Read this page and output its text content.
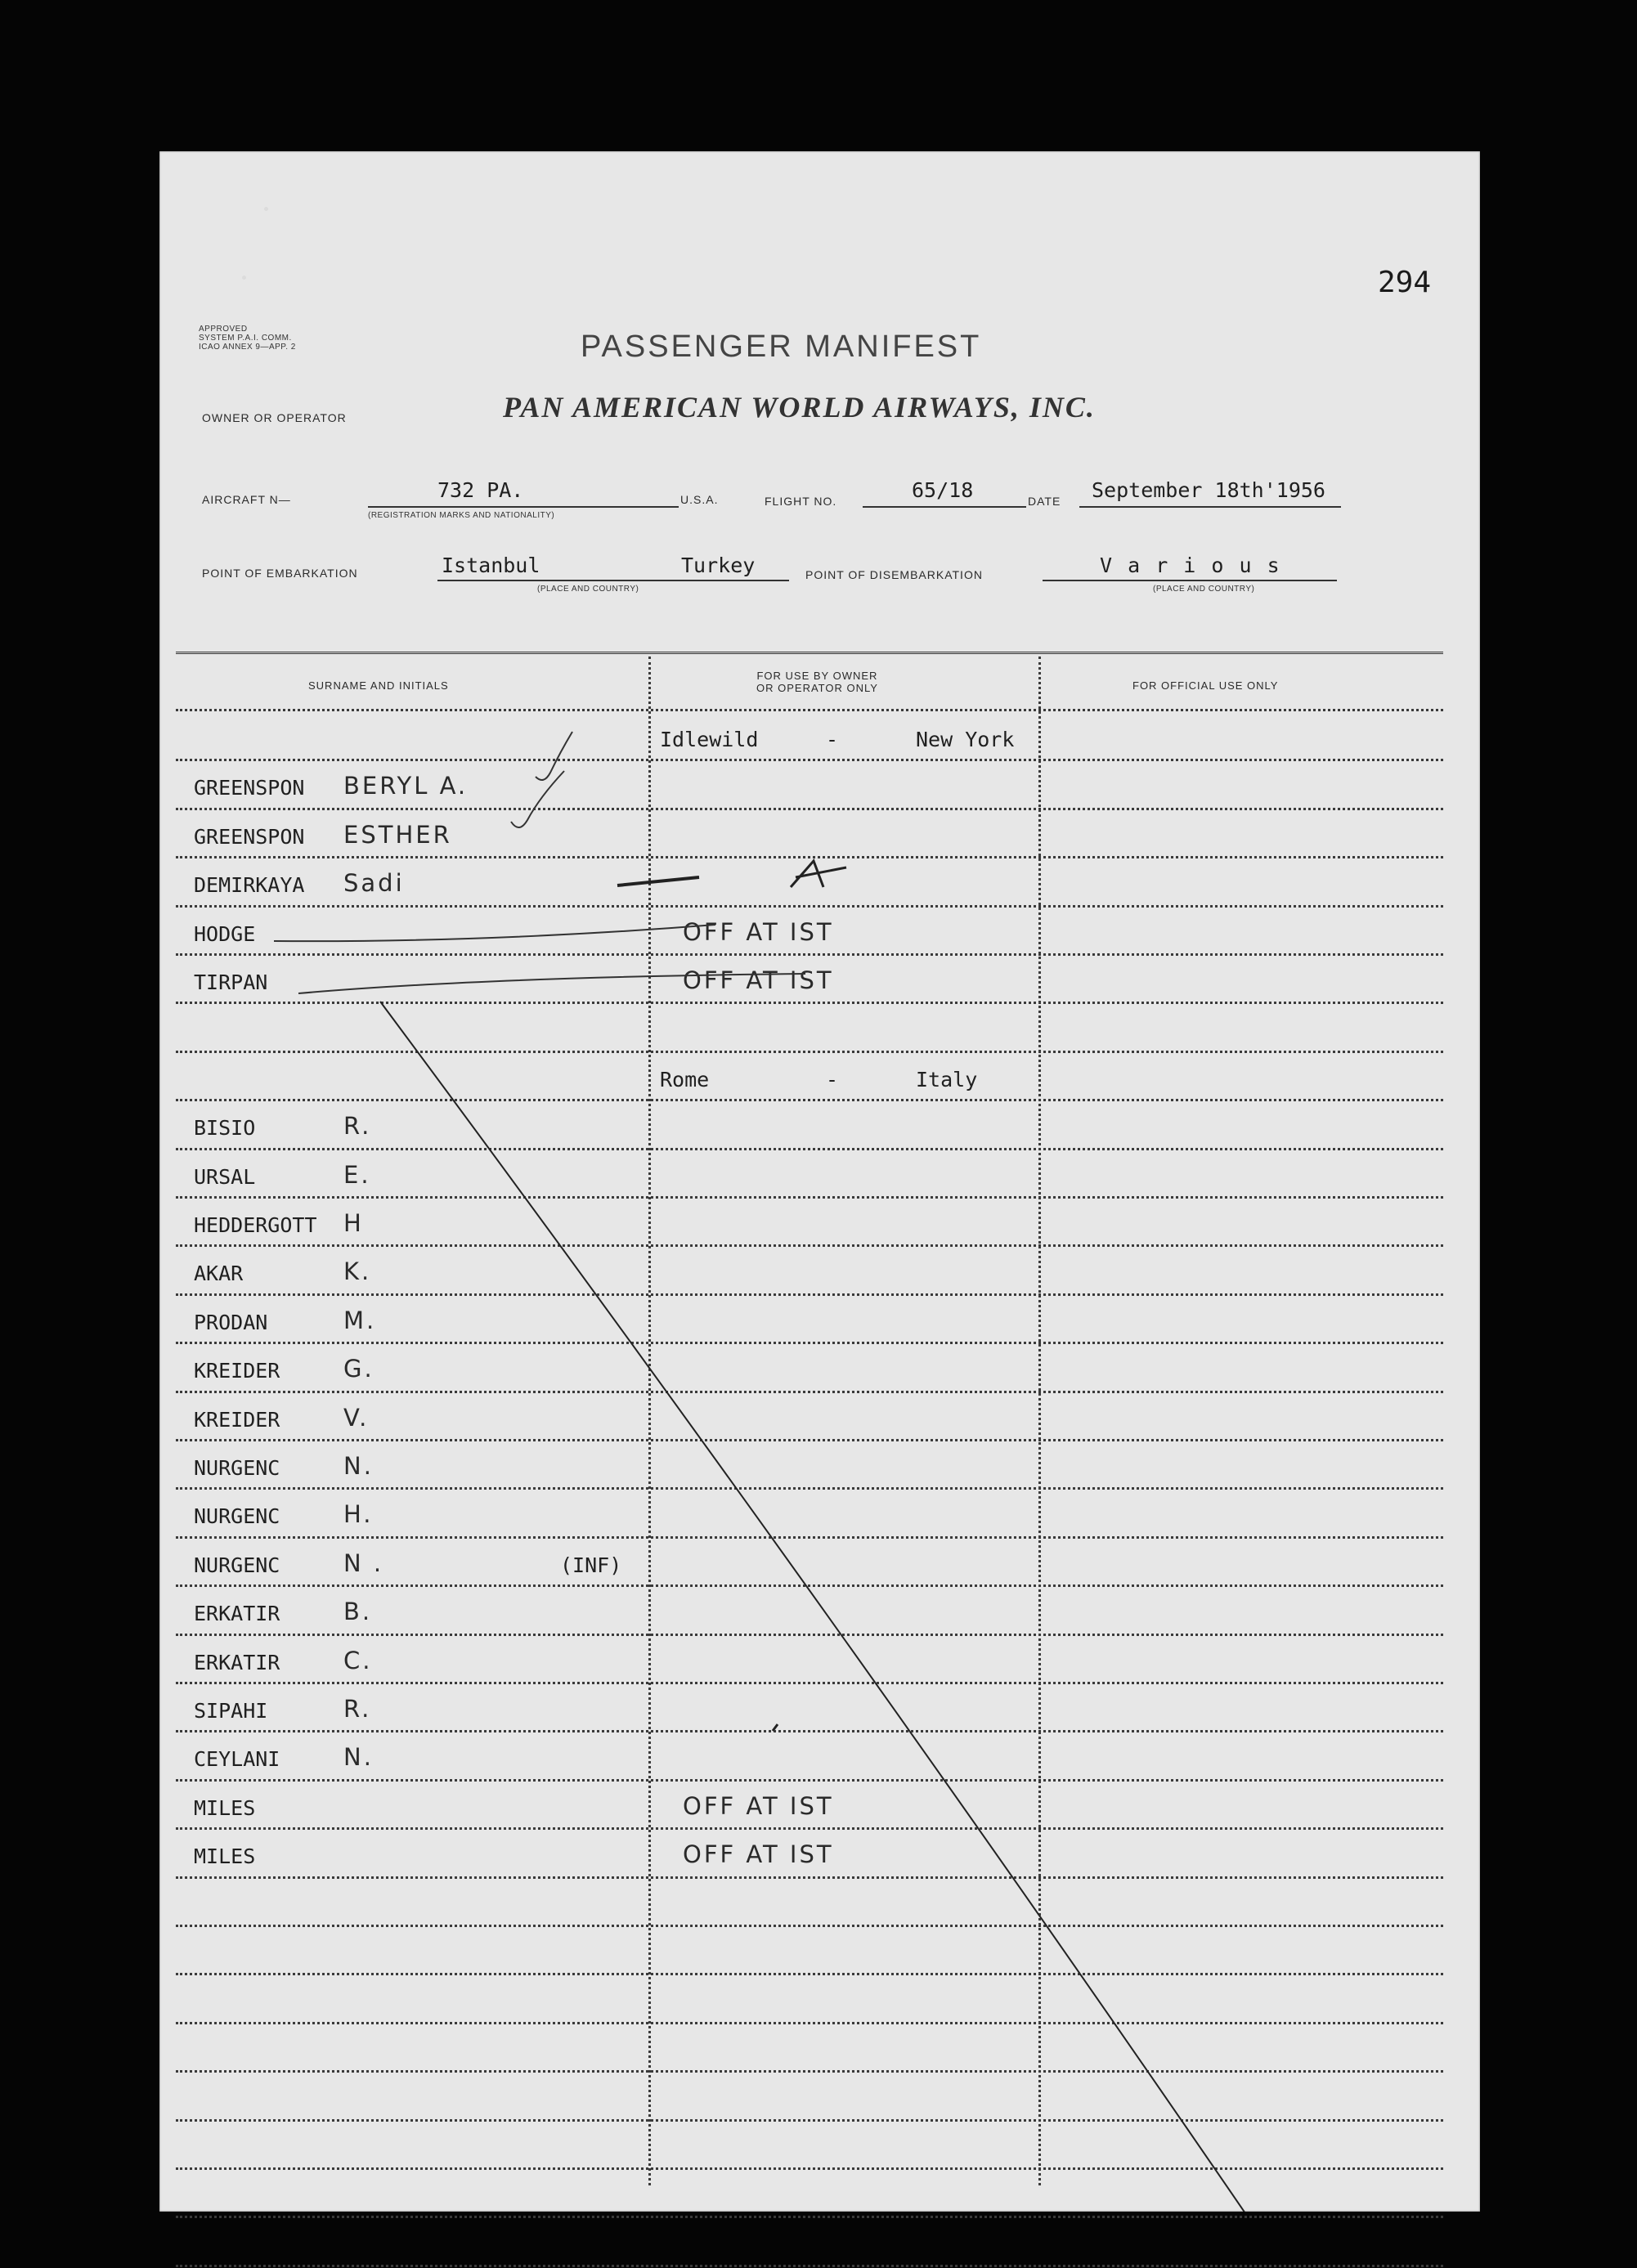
294
APPROVED
SYSTEM P.A.I. COMM.
ICAO ANNEX 9—APP. 2	PASSENGER MANIFEST
OWNER OR OPERATOR	PAN AMERICAN WORLD AIRWAYS, INC.
AIRCRAFT N—	732 PA.
(REGISTRATION MARKS AND NATIONALITY)
U.S.A.	FLIGHT NO.	65/18	DATE September 18th'1956
POINT OF EMBARKATION	Istanbul	Turkey
(PLACE AND COUNTRY)
POINT OF DISEMBARKATION	V a r i o u s
(PLACE AND COUNTRY)
SURNAME AND INITIALS
FOR USE BY OWNER
OR OPERATOR ONLY	FOR OFFICIAL USE ONLY
Idlewild	-	New York
GREENSPON BERYL A.
GREENSPON ESTHER
DEMIRKAYA Sadi
HODGE	OFF AT IST
TIRPAN	OFF AT IST
Rome	-	Italy
BISIO	R.
URSAL	E.
HEDDERGOTT H
AKAR	K.
PRODAN	M.
KREIDER	G.
KREIDER	V.
NURGENC	N.
NURGENC	H.
NURGENC	N .	(INF)
ERKATIR	B.
ERKATIR	C.
SIPAHI	R.
CEYLANI	N.
MILES	OFF AT IST
MILES	OFF AT IST
